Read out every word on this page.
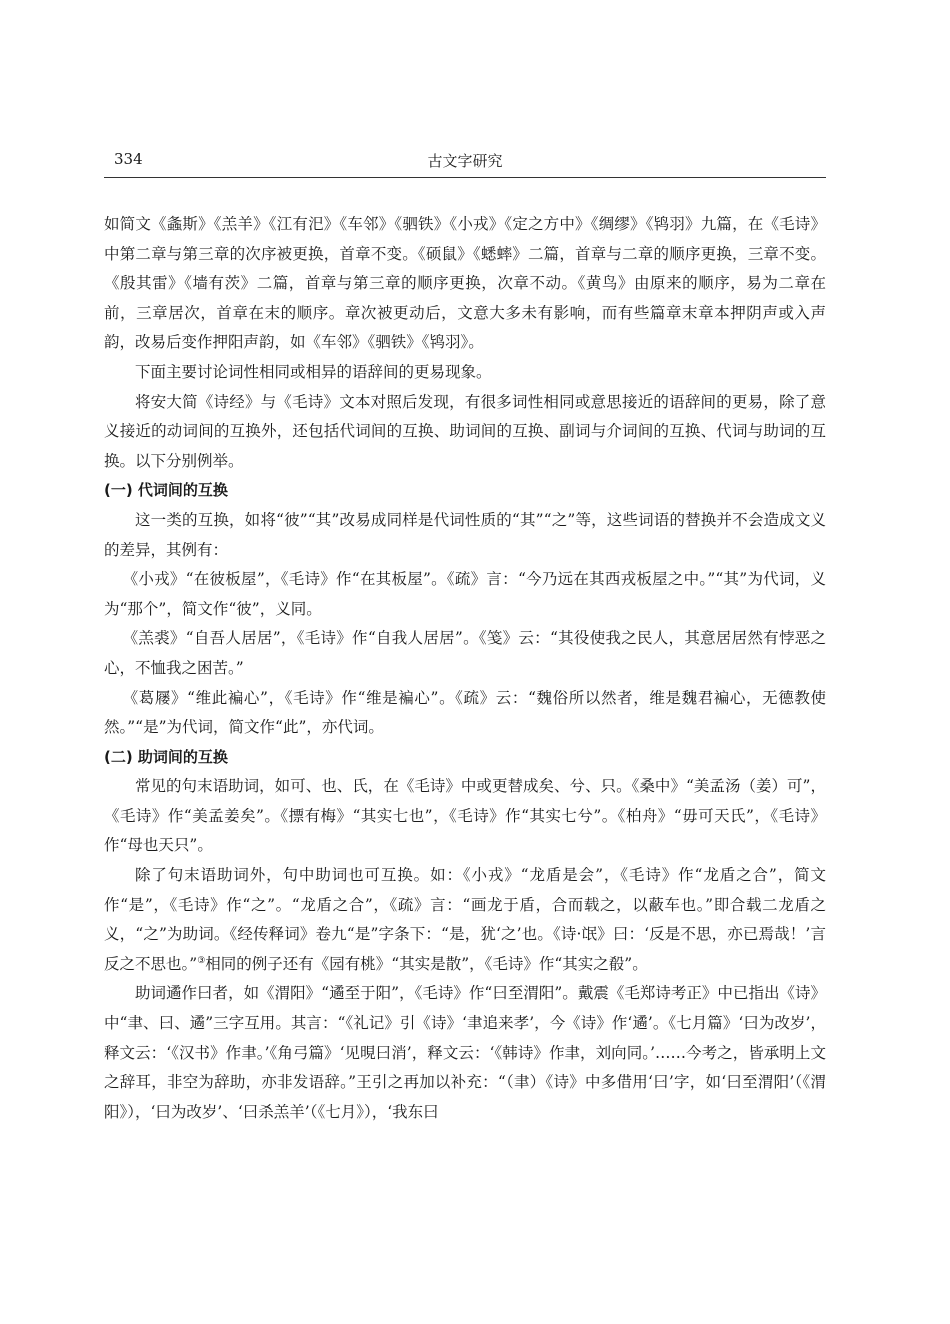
334	古文字研究

如简文《螽斯》《羔羊》《江有汜》《车邻》《驷铁》《小戎》《定之方中》《绸缪》《鸨羽》九篇，在《毛诗》中第二章与第三章的次序被更换，首章不变。《硕鼠》《蟋蟀》二篇，首章与二章的顺序更换，三章不变。《殷其雷》《墙有茨》二篇，首章与第三章的顺序更换，次章不动。《黄鸟》由原来的顺序，易为二章在前，三章居次，首章在末的顺序。章次被更动后，文意大多未有影响，而有些篇章末章本押阴声或入声韵，改易后变作押阳声韵，如《车邻》《驷铁》《鸨羽》。

下面主要讨论词性相同或相异的语辞间的更易现象。

将安大简《诗经》与《毛诗》文本对照后发现，有很多词性相同或意思接近的语辞间的更易，除了意义接近的动词间的互换外，还包括代词间的互换、助词间的互换、副词与介词间的互换、代词与助词的互换。以下分别例举。

(一) 代词间的互换

这一类的互换，如将“彼”“其”改易成同样是代词性质的“其”“之”等，这些词语的替换并不会造成文义的差异，其例有：

《小戎》“在彼板屋”，《毛诗》作“在其板屋”。《疏》言：“今乃远在其西戎板屋之中。”“其”为代词，义为“那个”，简文作“彼”，义同。

《羔裘》“自吾人居居”，《毛诗》作“自我人居居”。《笺》云：“其役使我之民人，其意居居然有悖恶之心，不恤我之困苦。”

《葛屦》“维此褊心”，《毛诗》作“维是褊心”。《疏》云：“魏俗所以然者，维是魏君褊心，无德教使然。”“是”为代词，简文作“此”，亦代词。

(二) 助词间的互换

常见的句末语助词，如可、也、氏，在《毛诗》中或更替成矣、兮、只。《桑中》“美孟汤（姜）可”，《毛诗》作“美孟姜矣”。《摽有梅》“其实七也”，《毛诗》作“其实七兮”。《柏舟》“毋可天氏”，《毛诗》作“母也天只”。

除了句末语助词外，句中助词也可互换。如：《小戎》“龙盾是会”，《毛诗》作“龙盾之合”，简文作“是”，《毛诗》作“之”。“龙盾之合”，《疏》言：“画龙于盾，合而载之，以蔽车也。”即合载二龙盾之义，“之”为助词。《经传释词》卷九“是”字条下：“是，犹‘之’也。《诗·氓》曰：‘反是不思，亦已焉哉！’言反之不思也。”③相同的例子还有《园有桃》“其实是散”，《毛诗》作“其实之殽”。

助词遹作曰者，如《渭阳》“遹至于阳”，《毛诗》作“曰至渭阳”。戴震《毛郑诗考正》中已指出《诗》中“聿、曰、遹”三字互用。其言：“《礼记》引《诗》‘聿追来孝’，今《诗》作‘遹’。《七月篇》‘曰为改岁’，释文云：‘《汉书》作聿。’《角弓篇》‘见晛曰消’，释文云：‘《韩诗》作聿，刘向同。’……今考之，皆承明上文之辞耳，非空为辞助，亦非发语辞。”王引之再加以补充：“（聿）《诗》中多借用‘曰’字，如‘曰至渭阳’（《渭阳》），‘曰为改岁’、‘曰杀羔羊’（《七月》），‘我东曰
